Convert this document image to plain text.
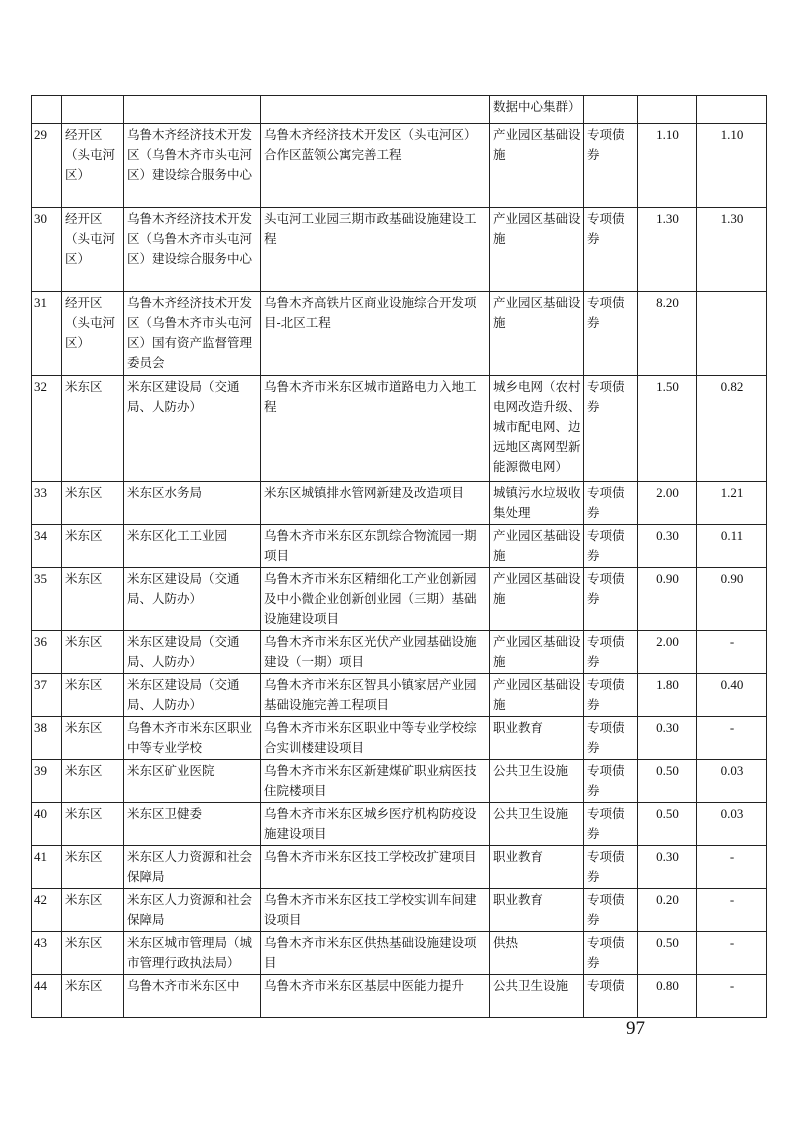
				数据中心集群）			
29	经开区（头屯河区）	乌鲁木齐经济技术开发区（乌鲁木齐市头屯河区）建设综合服务中心	乌鲁木齐经济技术开发区（头屯河区）合作区蓝领公寓完善工程	产业园区基础设施	专项债券	1.10	1.10
30	经开区（头屯河区）	乌鲁木齐经济技术开发区（乌鲁木齐市头屯河区）建设综合服务中心	头屯河工业园三期市政基础设施建设工程	产业园区基础设施	专项债券	1.30	1.30
31	经开区（头屯河区）	乌鲁木齐经济技术开发区（乌鲁木齐市头屯河区）国有资产监督管理委员会	乌鲁木齐高铁片区商业设施综合开发项目-北区工程	产业园区基础设施	专项债券	8.20	
32	米东区	米东区建设局（交通局、人防办）	乌鲁木齐市米东区城市道路电力入地工程	城乡电网（农村电网改造升级、城市配电网、边远地区离网型新能源微电网）	专项债券	1.50	0.82
33	米东区	米东区水务局	米东区城镇排水管网新建及改造项目	城镇污水垃圾收集处理	专项债券	2.00	1.21
34	米东区	米东区化工工业园	乌鲁木齐市米东区东凯综合物流园一期项目	产业园区基础设施	专项债券	0.30	0.11
35	米东区	米东区建设局（交通局、人防办）	乌鲁木齐市米东区精细化工产业创新园及中小微企业创新创业园（三期）基础设施建设项目	产业园区基础设施	专项债券	0.90	0.90
36	米东区	米东区建设局（交通局、人防办）	乌鲁木齐市米东区光伏产业园基础设施建设（一期）项目	产业园区基础设施	专项债券	2.00	-
37	米东区	米东区建设局（交通局、人防办）	乌鲁木齐市米东区智具小镇家居产业园基础设施完善工程项目	产业园区基础设施	专项债券	1.80	0.40
38	米东区	乌鲁木齐市米东区职业中等专业学校	乌鲁木齐市米东区职业中等专业学校综合实训楼建设项目	职业教育	专项债券	0.30	-
39	米东区	米东区矿业医院	乌鲁木齐市米东区新建煤矿职业病医技住院楼项目	公共卫生设施	专项债券	0.50	0.03
40	米东区	米东区卫健委	乌鲁木齐市米东区城乡医疗机构防疫设施建设项目	公共卫生设施	专项债券	0.50	0.03
41	米东区	米东区人力资源和社会保障局	乌鲁木齐市米东区技工学校改扩建项目	职业教育	专项债券	0.30	-
42	米东区	米东区人力资源和社会保障局	乌鲁木齐市米东区技工学校实训车间建设项目	职业教育	专项债券	0.20	-
43	米东区	米东区城市管理局（城市管理行政执法局）	乌鲁木齐市米东区供热基础设施建设项目	供热	专项债券	0.50	-
44	米东区	乌鲁木齐市米东区中	乌鲁木齐市米东区基层中医能力提升	公共卫生设施	专项债	0.80	-
97
